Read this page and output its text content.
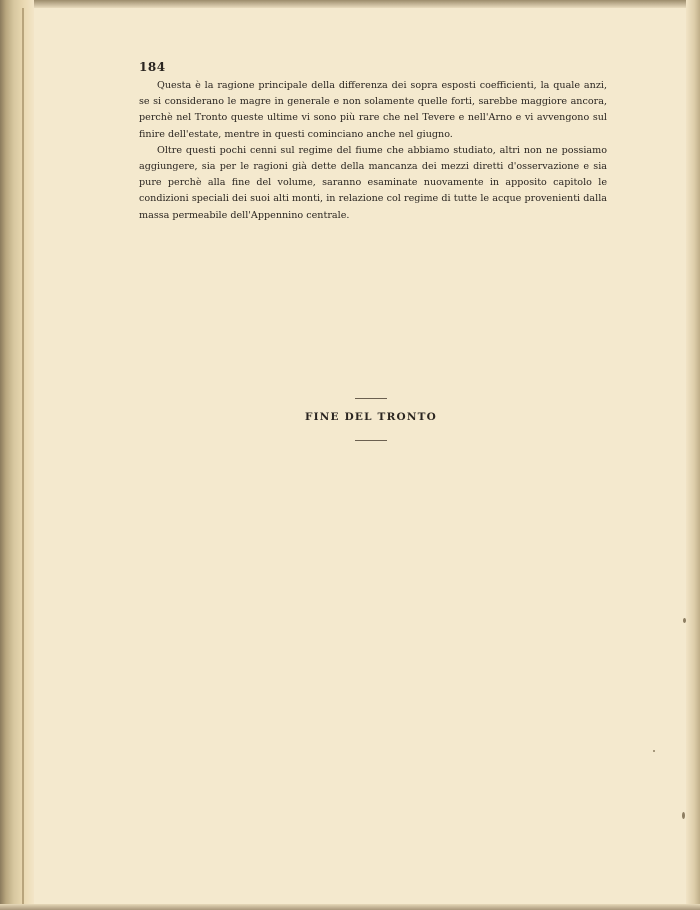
184

Questa è la ragione principale della differenza dei sopra esposti coefficienti, la quale anzi, se si considerano le magre in generale e non solamente quelle forti, sarebbe maggiore ancora, perchè nel Tronto queste ultime vi sono più rare che nel Tevere e nell'Arno e vi avvengono sul finire dell'estate, mentre in questi cominciano anche nel giugno.

Oltre questi pochi cenni sul regime del fiume che abbiamo studiato, altri non ne possiamo aggiungere, sia per le ragioni già dette della mancanza dei mezzi diretti d'osservazione e sia pure perchè alla fine del volume, saranno esaminate nuovamente in apposito capitolo le condizioni speciali dei suoi alti monti, in relazione col regime di tutte le acque provenienti dalla massa permeabile dell'Appennino centrale.

FINE DEL TRONTO
